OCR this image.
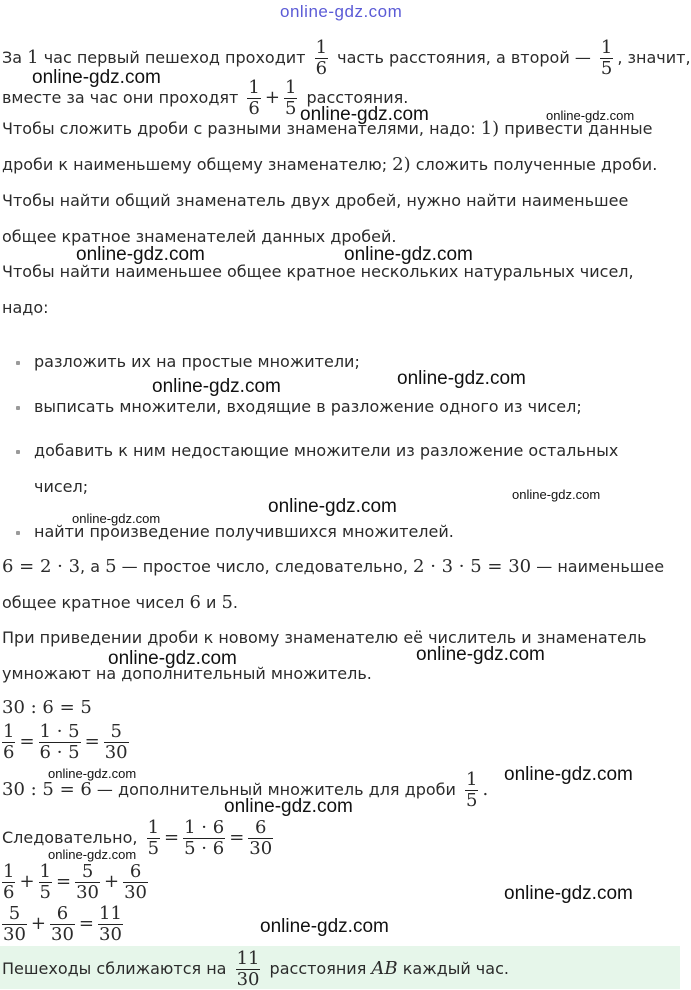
online-gdz.com
За 1 час первый пешеход проходит $\frac{1}{6}$ часть расстояния, а второй — $\frac{1}{5}$ , значит,
вместе за час они проходят $\frac{1}{6} + \frac{1}{5}$ расстояния.
Чтобы сложить дроби с разными знаменателями, надо: 1) привести данные
дроби к наименьшему общему знаменателю; 2) сложить полученные дроби.
Чтобы найти общий знаменатель двух дробей, нужно найти наименьшее
общее кратное знаменателей данных дробей.
Чтобы найти наименьшее общее кратное нескольких натуральных чисел,
надо:
разложить их на простые множители;
выписать множители, входящие в разложение одного из чисел;
добавить к ним недостающие множители из разложение остальных
чисел;
найти произведение получившихся множителей.
6 = 2 · 3, а 5 — простое число, следовательно, 2 · 3 · 5 = 30 — наименьшее
общее кратное чисел 6 и 5.
При приведении дроби к новому знаменателю её числитель и знаменатель
умножают на дополнительный множитель.
30 : 6 = 5
$\frac{1}{6} = \frac{1 \cdot 5}{6 \cdot 5} = \frac{5}{30}$
30 : 5 = 6 — дополнительный множитель для дроби $\frac{1}{5}$ .
Следовательно, $\frac{1}{5} = \frac{1 \cdot 6}{5 \cdot 6} = \frac{6}{30}$
$\frac{1}{6} + \frac{1}{5} = \frac{5}{30} + \frac{6}{30}$
$\frac{5}{30} + \frac{6}{30} = \frac{11}{30}$
Пешеходы сближаются на $\frac{11}{30}$ расстояния AB каждый час.
online-gdz.com
online-gdz.com	online-gdz.com
online-gdz.com	online-gdz.com
online-gdz.com	online-gdz.com
online-gdz.com
online-gdz.com
online-gdz.com
online-gdz.com	online-gdz.com
online-gdz.com	online-gdz.com
online-gdz.com
online-gdz.com
online-gdz.com
online-gdz.com
